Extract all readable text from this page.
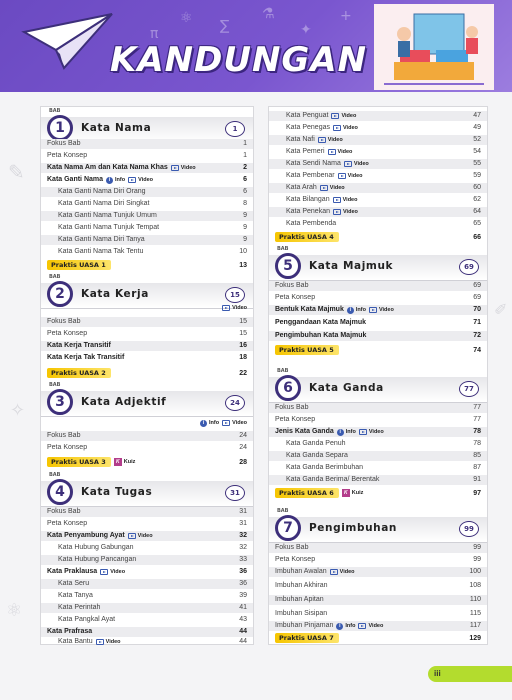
⚛ ∑
⚗
✦
π
+
KANDUNGAN
✎
✧
⚛
✐
BAB
1	Kata Nama	1
Fokus Bab	1
Peta Konsep	1
Kata Nama Am dan Kata Nama Khas Video	2
Kata Ganti Nama	i Info Video	6
Kata Ganti Nama Diri Orang	6
Kata Ganti Nama Diri Singkat	8
Kata Ganti Nama Tunjuk Umum	9
Kata Ganti Nama Tunjuk Tempat	9
Kata Ganti Nama Diri Tanya	9
Kata Ganti Nama Tak Tentu	10
Praktis UASA 1	13
BAB
2	Kata Kerja	15
Video
Fokus Bab	15
Peta Konsep	15
Kata Kerja Transitif	16
Kata Kerja Tak Transitif	18
Praktis UASA 2	22
BAB
3	Kata Adjektif	24
i Info Video
Fokus Bab	24
Peta Konsep	24
Praktis UASA 3	K Kuiz	28
BAB
4	Kata Tugas	31
Fokus Bab	31
Peta Konsep	31
Kata Penyambung Ayat Video	32
Kata Hubung Gabungan	32
Kata Hubung Pancangan	33
Kata Praklausa Video	36
Kata Seru	36
Kata Tanya	39
Kata Perintah	41
Kata Pangkal Ayat	43
Kata Prafrasa	44
Kata Bantu Video	44
Kata Penguat Video	47
Kata Penegas Video	49
Kata Nafi Video	52
Kata Pemeri Video	54
Kata Sendi Nama Video	55
Kata Pembenar Video	59
Kata Arah Video	60
Kata Bilangan Video	62
Kata Penekan Video	64
Kata Pembenda	65
Praktis UASA 4	66
BAB
5	Kata Majmuk	69
Fokus Bab	69
Peta Konsep	69
Bentuk Kata Majmuk	i Info Video	70
Penggandaan Kata Majmuk	71
Pengimbuhan Kata Majmuk	72
Praktis UASA 5	74
BAB
6	Kata Ganda	77
Fokus Bab	77
Peta Konsep	77
Jenis Kata Ganda	i Info Video	78
Kata Ganda Penuh	78
Kata Ganda Separa	85
Kata Ganda Berimbuhan	87
Kata Ganda Berima/ Berentak	91
Praktis UASA 6	K Kuiz	97
BAB
7	Pengimbuhan	99
Fokus Bab	99
Peta Konsep	99
Imbuhan Awalan Video	100
Imbuhan Akhiran	108
Imbuhan Apitan	110
Imbuhan Sisipan	115
Imbuhan Pinjaman	i Info Video	117
Praktis UASA 7	129
iii
